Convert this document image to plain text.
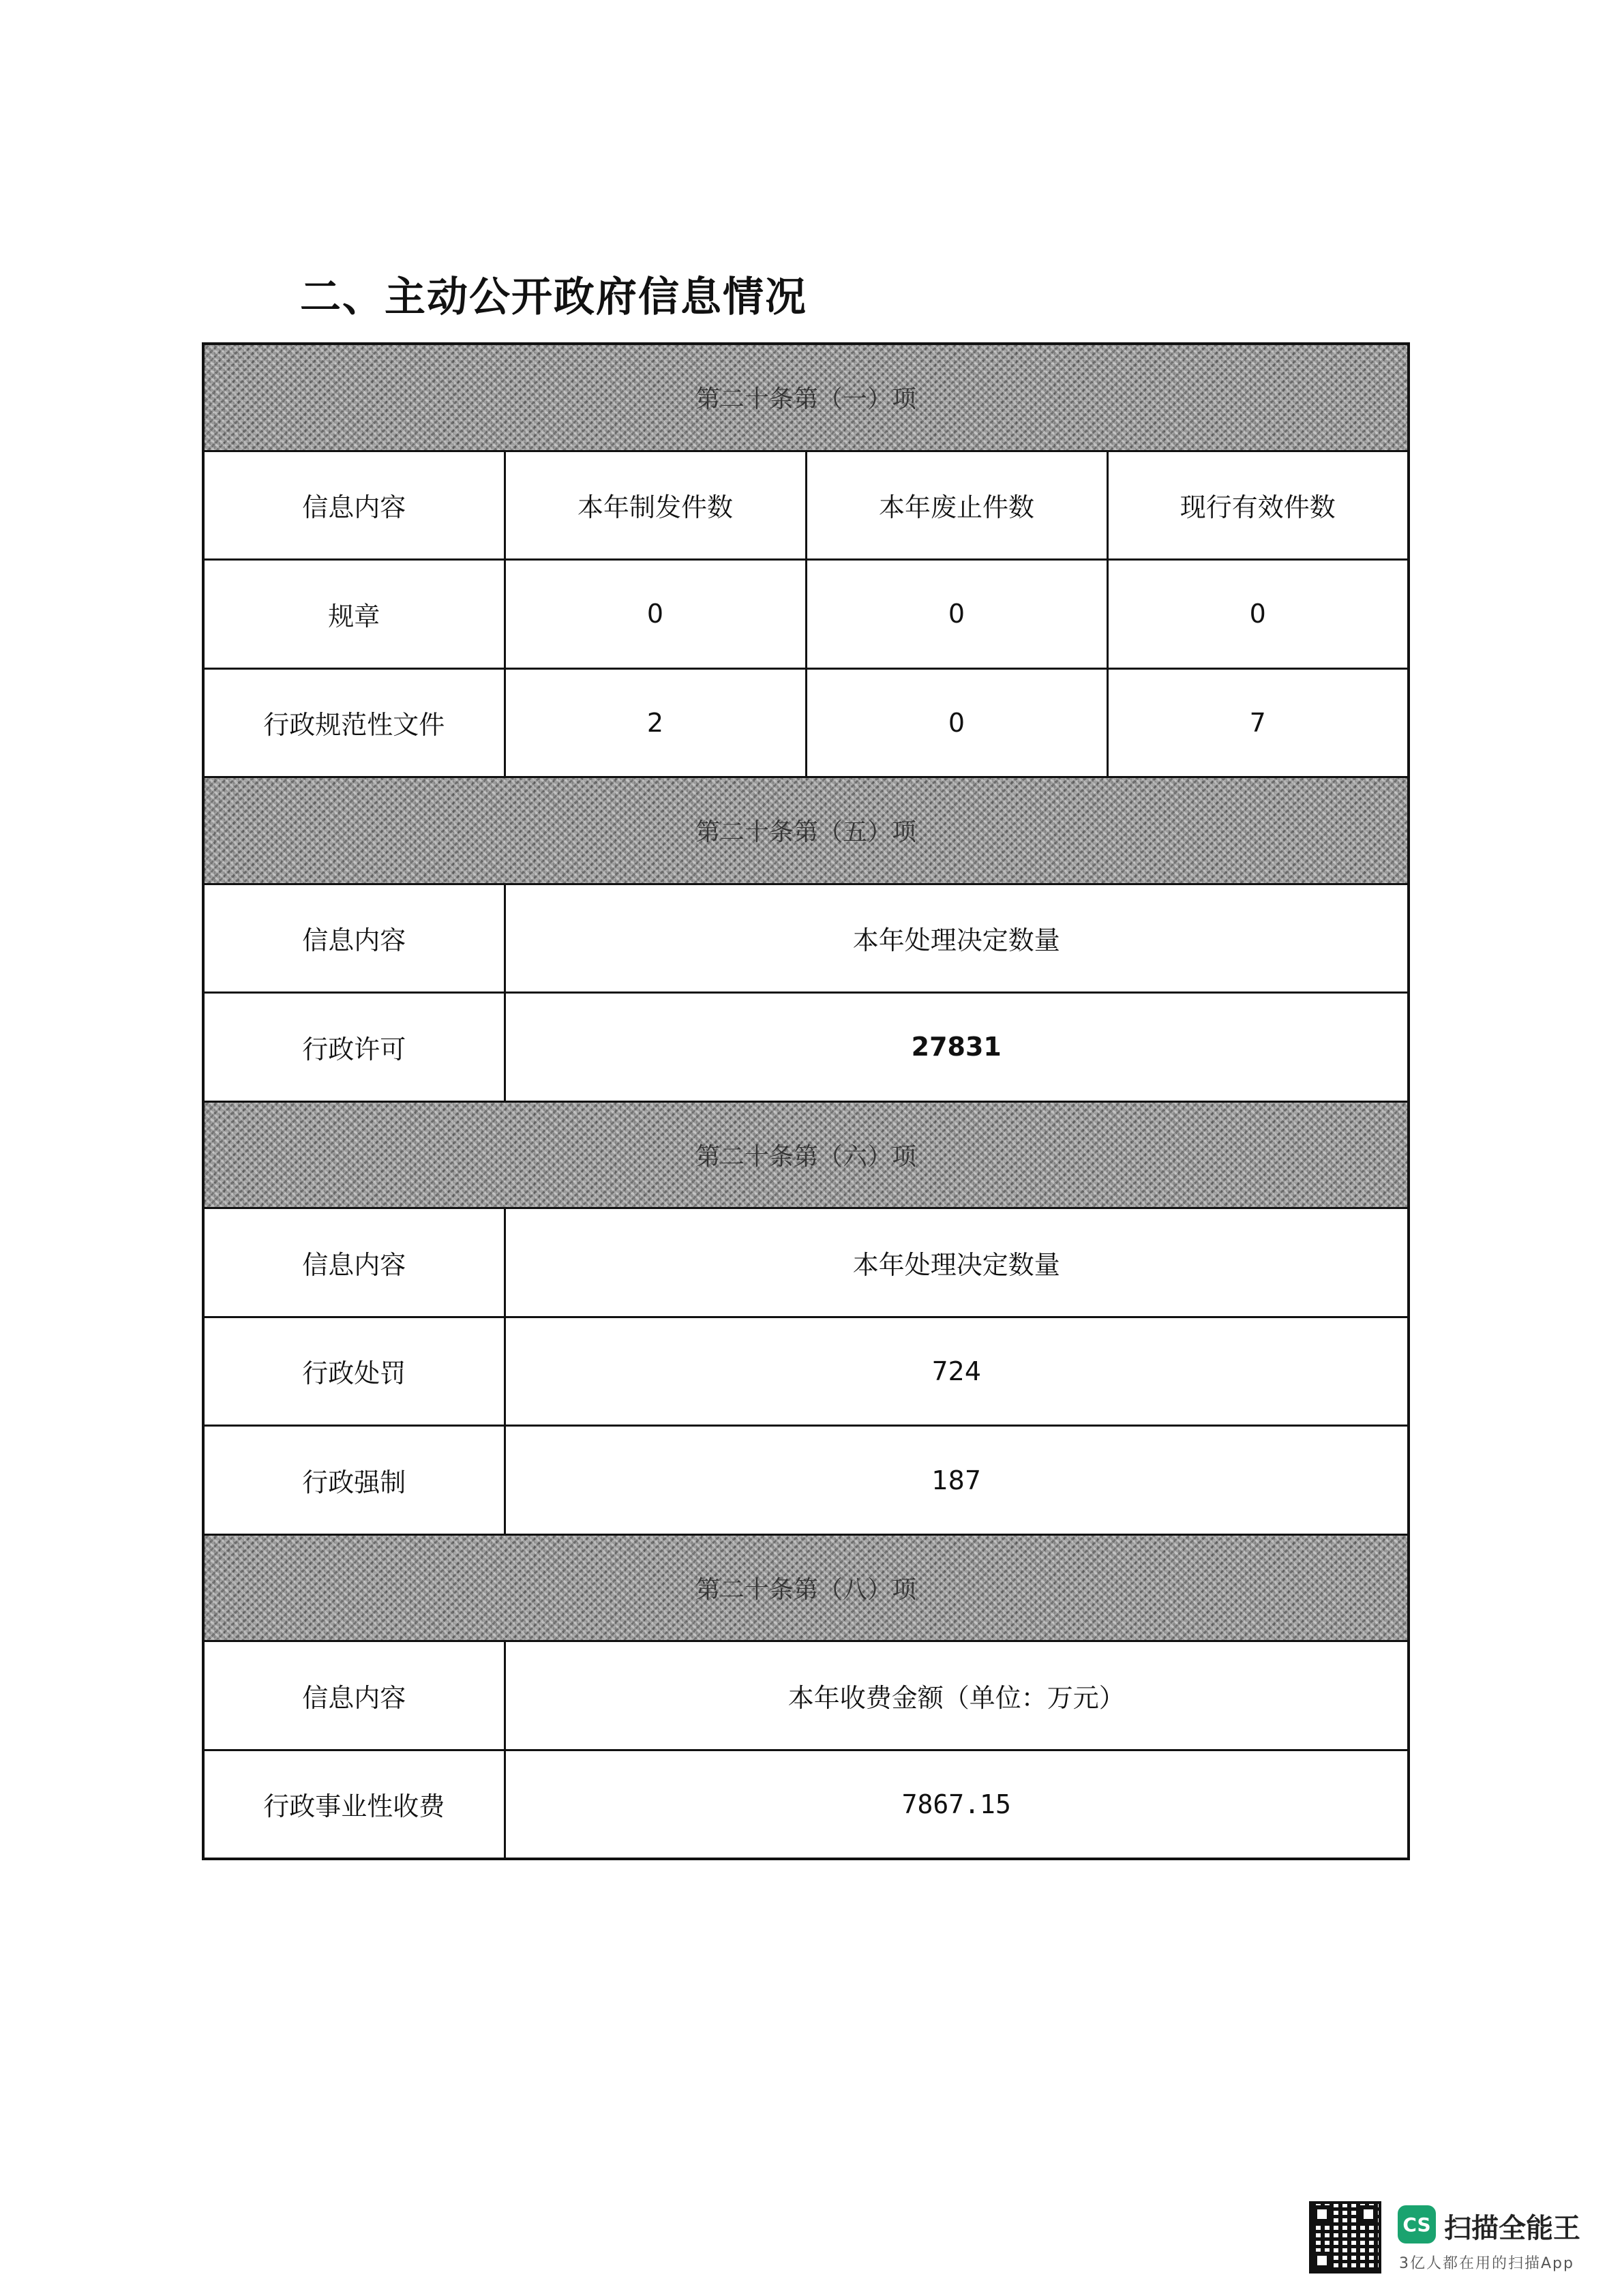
二、主动公开政府信息情况
第二十条第（一）项			
信息内容	本年制发件数	本年废止件数	现行有效件数
规章	0	0	0
行政规范性文件	2	0	7
第二十条第（五）项			
信息内容	本年处理决定数量		
行政许可	27831		
第二十条第（六）项			
信息内容	本年处理决定数量		
行政处罚	724		
行政强制	187		
第二十条第（八）项			
信息内容	本年收费金额（单位：万元）		
行政事业性收费	7867.15		
CS 扫描全能王
3亿人都在用的扫描App
